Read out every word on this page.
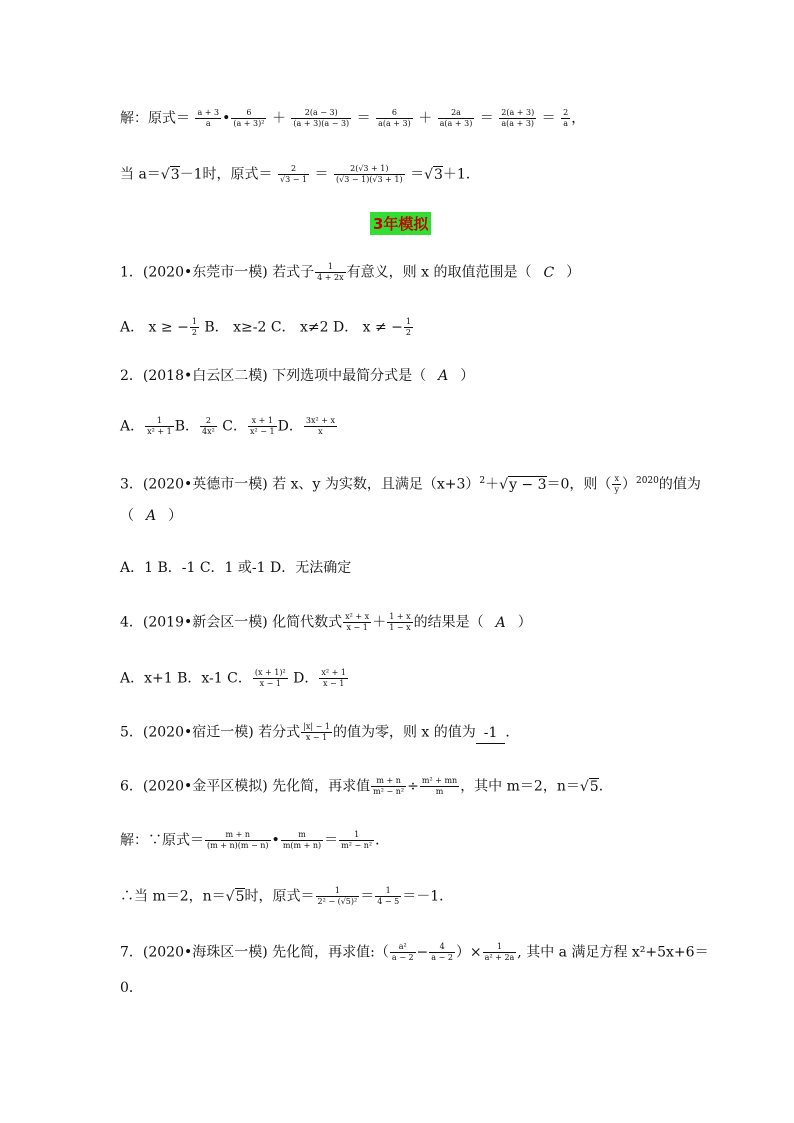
解：原式＝ $\frac{a + 3}{a}$ • $\frac{6}{\text{(a + 3)²}} + \frac{2(a - 3)}{(a + 3)(a - 3)} = \frac{6}{a(a + 3)} + \frac{2a}{a(a + 3)} = \frac{2(a + 3)}{a(a + 3)} = \frac{2}{a}$ ，
当 a＝√3－1时，原式＝ $\frac{2}{√3 - 1} = \frac{2(√3 + 1)}{(√3 - 1)(√3 + 1)} =√3+1$．
3年模拟
1．(2020•东莞市一模) 若式子 $\frac{1}{4 + 2x}$ 有意义，则 x 的取值范围是（ C ）
A． x ≥ − $\frac{1}{2}$ B． x≥-2 C． x≠2 D． x ≠ − $\frac{1}{2}$
2．(2018•白云区二模) 下列选项中最简分式是（ A ）
A． $\frac{1}{\text{x² + 1}}$ B． $\frac{2}{\text{4x²}}$ C． $\frac{x + 1}{\text{x² − 1}}$ D． $\frac{\text{3x² + x}}{x}$
3．(2020•英德市一模) 若 x、y 为实数，且满足$(x+3)^2+√y - 3=0$，则（ $\frac{x}{y} )^{2020}$的值为
（ A ）
A．1 B．-1 C．1 或-1 D．无法确定
4．(2019•新会区一模) 化简代数式 $\frac{\text{x² + x}}{x - 1} + \frac{1 + x}{1 - x}$ 的结果是（ A ）
A．x+1 B．x-1 C． $\frac{\text{(x + 1)²}}{x - 1}$ D． $\frac{\text{x² + 1}}{x - 1}$
5．(2020•宿迁一模) 若分式 $\frac{|x| - 1}{x - 1}$ 的值为零，则 x 的值为 -1 ．
6．(2020•金平区模拟) 先化简，再求值 $\frac{m + n}{\text{m² − n²}} \div \frac{\text{m² + mn}}{m}$ ，其中 m＝2，n＝√5．
解：∵原式＝ $\frac{m + n}{(m + n)(m - n)}$ • $\frac{m}{m(m + n)} = \frac{1}{\text{m² − n²}}$ ．
∴当 m＝2，n＝√5时，原式＝ $\frac{1}{\text{2² − (√5)²}} = \frac{1}{4 - 5} =-1$．
7．(2020•海珠区一模) 先化简，再求值:（ $\frac{\text{a²}}{a - 2} - \frac{4}{a - 2}$ ）× $\frac{1}{\text{a² + 2a}}$ , 其中 a 满足方程 x²+5x+6＝
0．
